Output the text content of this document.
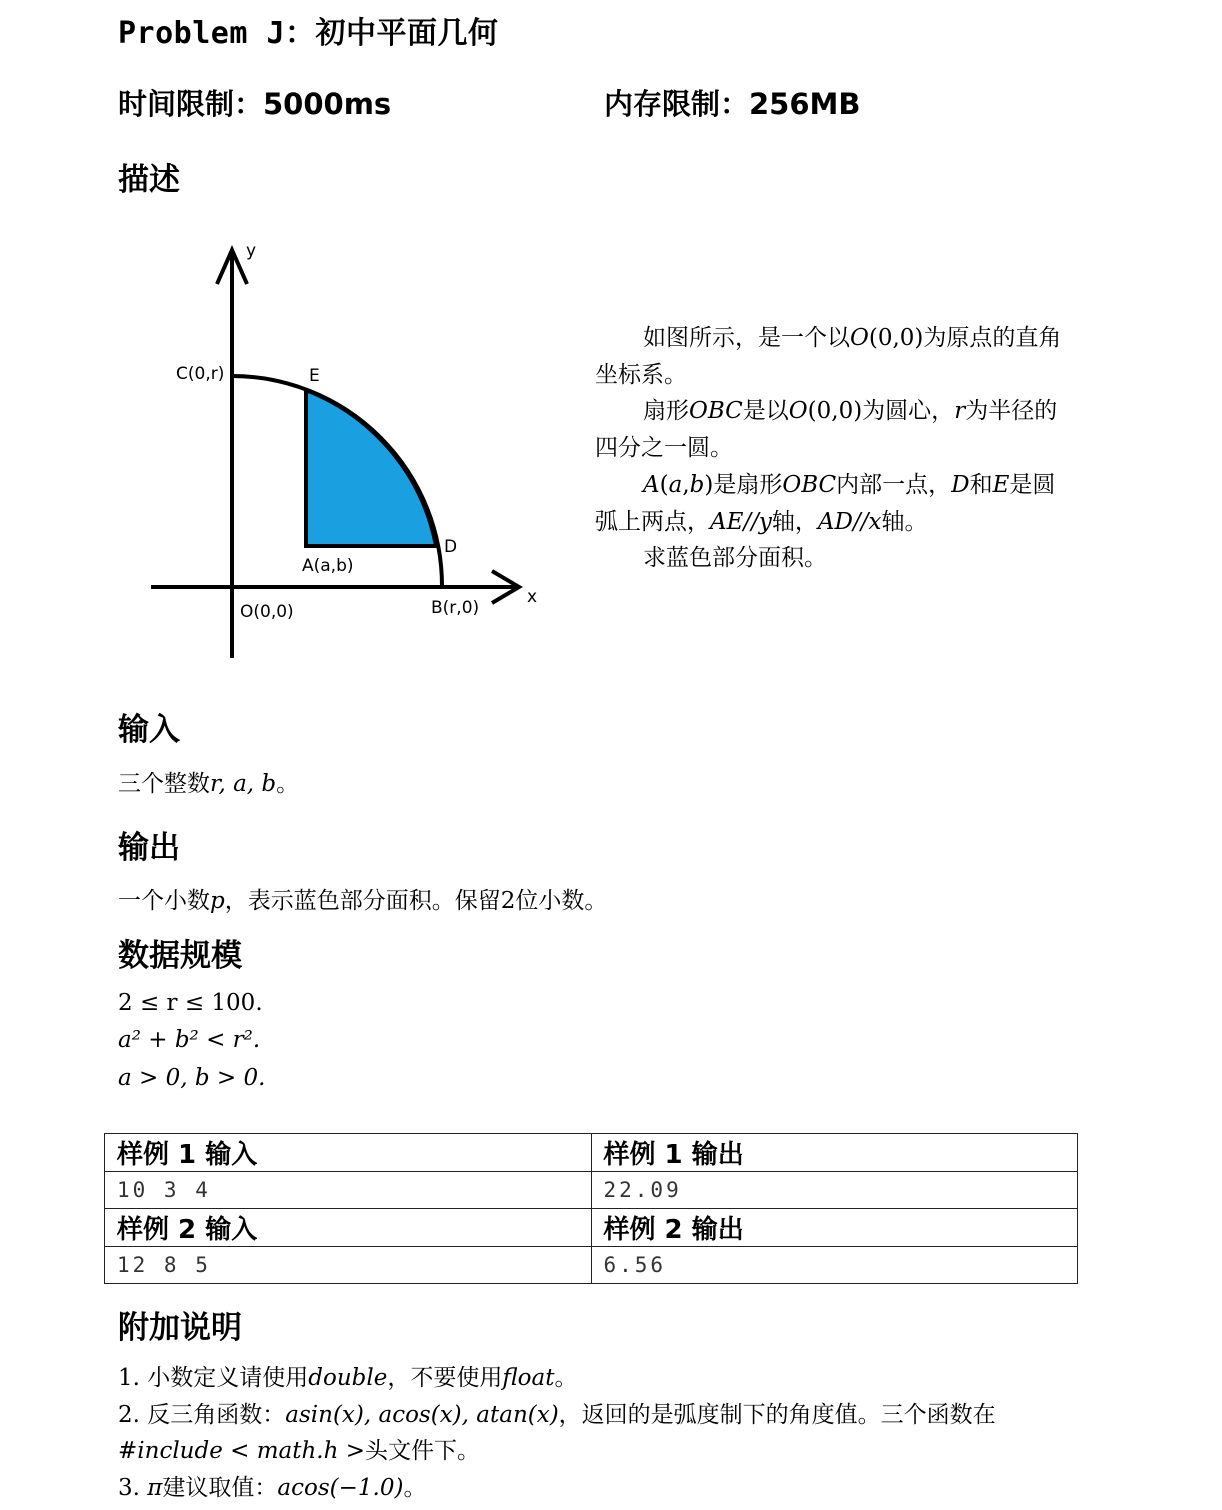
Problem J：初中平面几何
时间限制：5000ms	内存限制：256MB
描述
y
x
C(0,r)	E
D
A(a,b)
O(0,0)	B(r,0)

如图所示，是一个以O(0,0)为原点的直角坐标系。

扇形OBC是以O(0,0)为圆心，r为半径的四分之一圆。

A(a,b)是扇形OBC内部一点，D和E是圆弧上两点，AE//y轴，AD//x轴。

求蓝色部分面积。

输入
三个整数r, a, b。
输出
一个小数p，表示蓝色部分面积。保留2位小数。
数据规模
2 ≤ r ≤ 100.
a² + b² < r².
a > 0, b > 0.
样例 1 输入	样例 1 输出
10 3 4	22.09
样例 2 输入	样例 2 输出
12 8 5	6.56
附加说明
1. 小数定义请使用double，不要使用float。
2. 反三角函数：asin(x), acos(x), atan(x)，返回的是弧度制下的角度值。三个函数在
#include < math.h >头文件下。
3. π建议取值：acos(−1.0)。
